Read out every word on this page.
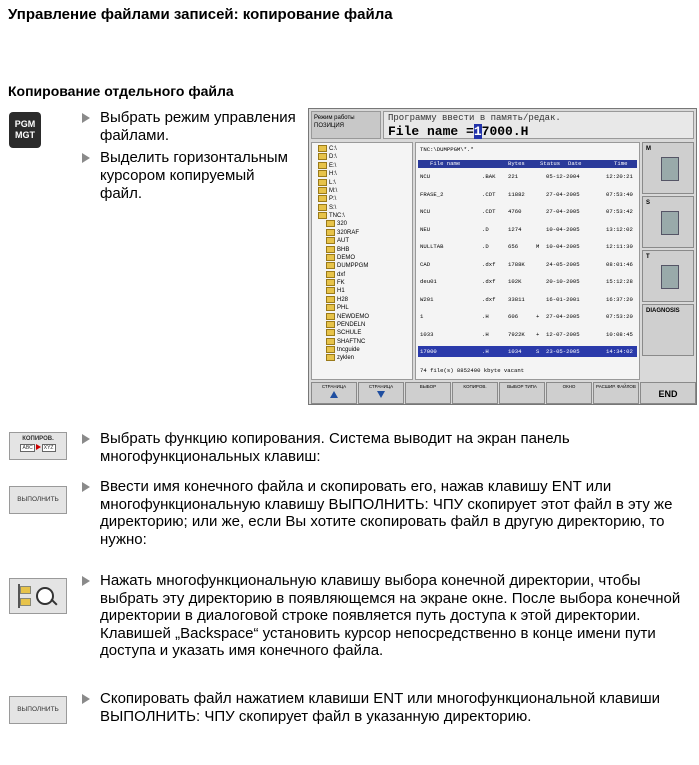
Управление файлами записей: копирование файла
Копирование отдельного файла
PGM
MGT
Выбрать режим управления файлами.
Выделить горизонтальным курсором копируемый файл.
Режим работы
ПОЗИЦИЯ
Программу ввести в память/редак.
File name =17000.H
C:\
D:\
E:\
H:\
L:\
M:\
P:\
S:\
TNC:\
320
320RAF
AUT
BHB
DEMO
DUMPPGM
dxf
FK
H1
H28
PHL
NEWDEMO
PENDELN
SCHULE
SHAFTNC
tncguide
zyklen
TNC:\DUMPPGM\*.*
File name	Bytes	Status Date	Time
NCU	.BAK 221	05-12-2004	12:20:21
FRASE_2	.CDT 11882	27-04-2005	07:53:40
NCU	.CDT 4760	27-04-2005	07:53:42
NEU	.D	1274	10-04-2005	13:12:02
NULLTAB	.D	656	M 10-04-2005	12:11:30
CAD	.dxf 1788K	24-05-2005	08:01:46
deu01	.dxf 102K	20-10-2005	15:12:28
W201	.dxf 33811	16-01-2001	16:37:20
1	.H	606	+ 27-04-2005	07:53:20
1033	.H	7922K + 12-07-2005	10:08:45
17000	.H	1034	S 23-05-2005	14:34:02
74 file(s) 8852400 kbyte vacant
M
S
T
DIAGNOSIS
СТРАНИЦА	СТРАНИЦА	ВЫБОР	КОПИРОВ.	ВЫБОР ТИПА	ОКНО	РАСШИР. ФАЙЛОВ
END
КОПИРОВ.
ABC XYZ
Выбрать функцию копирования. Система выводит на экран панель многофункциональных клавиш:
ВЫПОЛНИТЬ
Ввести имя конечного файла и скопировать его, нажав клавишу ENT или многофункциональную клавишу ВЫПОЛНИТЬ: ЧПУ скопирует этот файл в эту же директорию; или же, если Вы хотите скопировать файл в другую директорию, то нужно:
Нажать многофункциональную клавишу выбора конечной директории, чтобы выбрать эту директорию в появляющемся на экране окне. После выбора конечной директории в диалоговой строке появляется путь доступа к этой директории. Клавишей „Backspace“ установить курсор непосредственно в конце имени пути доступа и указать имя конечного файла.
ВЫПОЛНИТЬ
Скопировать файл нажатием клавиши ENT или многофункциональной клавиши ВЫПОЛНИТЬ: ЧПУ скопирует файл в указанную директорию.
